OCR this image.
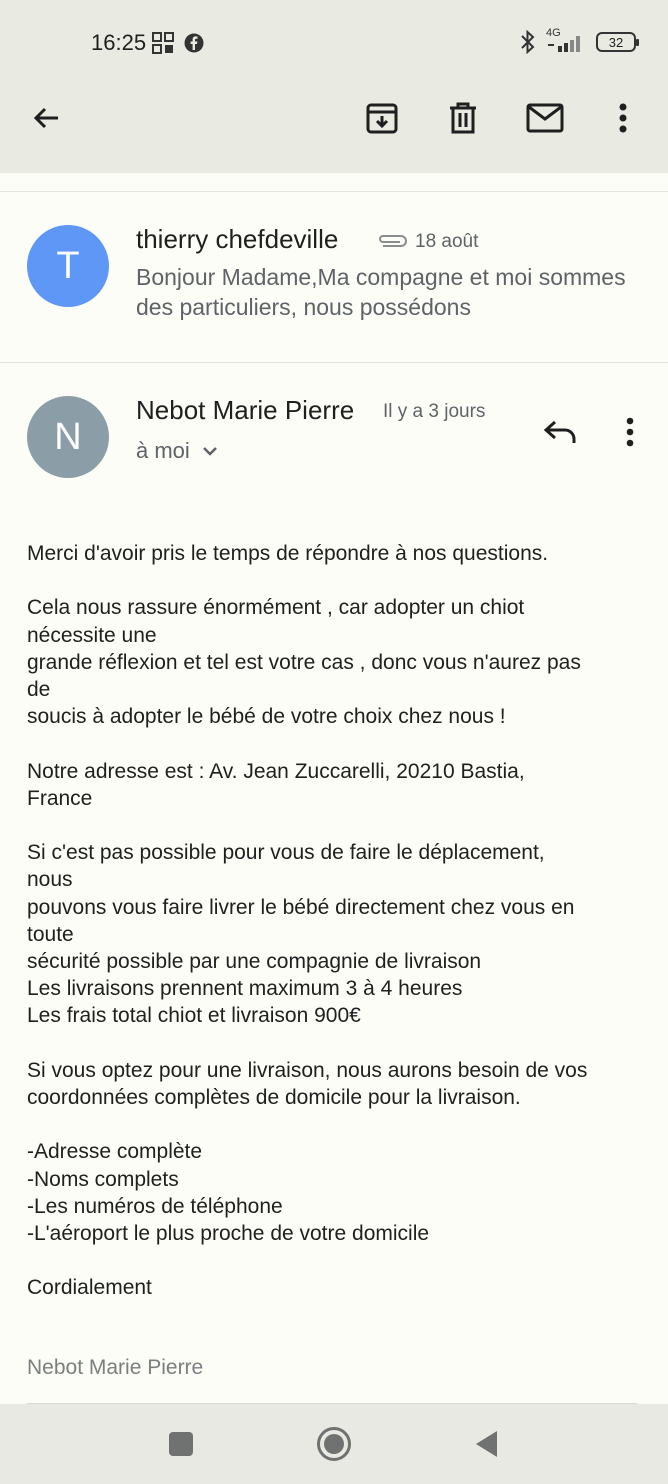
16:25	4G
32
T
thierry chefdeville	18 août
Bonjour Madame,Ma compagne et moi sommes des particuliers, nous possédons
N
Nebot Marie Pierre Il y a 3 jours
à moi

Merci d'avoir pris le temps de répondre à nos questions.

Cela nous rassure énormément , car adopter un chiot
nécessite une
grande réflexion et tel est votre cas , donc vous n'aurez pas
de
soucis à adopter le bébé de votre choix chez nous !

Notre adresse est : Av. Jean Zuccarelli, 20210 Bastia,
France

Si c'est pas possible pour vous de faire le déplacement,
nous
pouvons vous faire livrer le bébé directement chez vous en
toute
sécurité possible par une compagnie de livraison
Les livraisons prennent maximum 3 à 4 heures
Les frais total chiot et livraison 900€

Si vous optez pour une livraison, nous aurons besoin de vos
coordonnées complètes de domicile pour la livraison.

-Adresse complète
-Noms complets
-Les numéros de téléphone
-L'aéroport le plus proche de votre domicile

Cordialement

Nebot Marie Pierre
